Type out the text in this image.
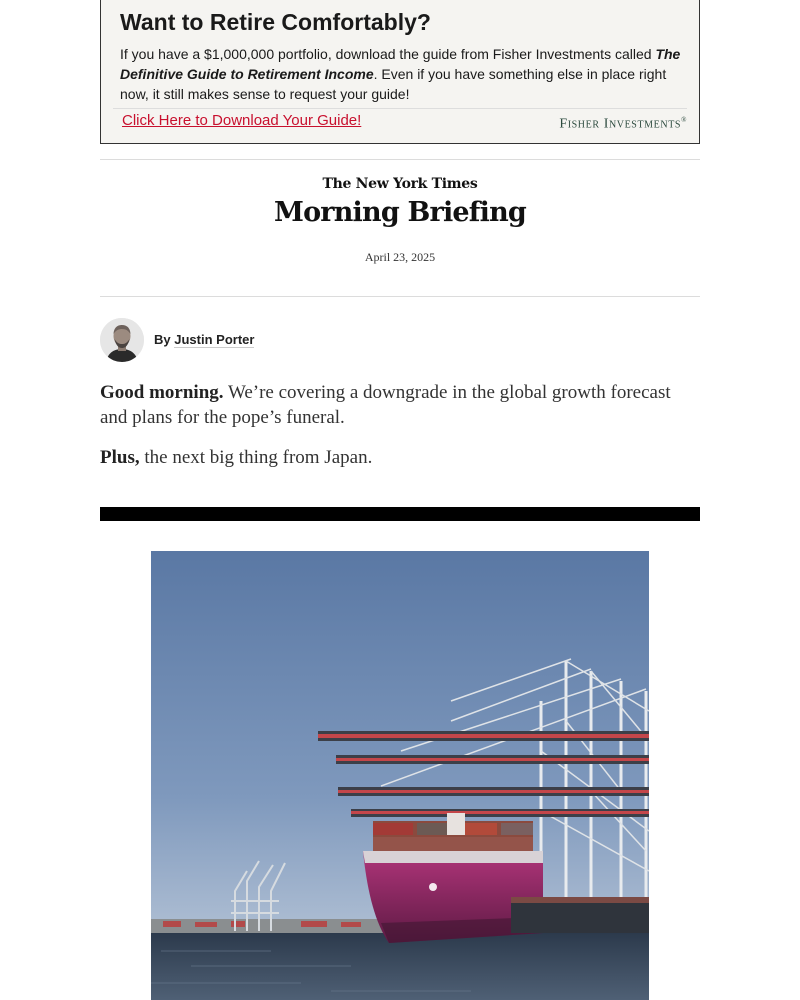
Want to Retire Comfortably?
If you have a $1,000,000 portfolio, download the guide from Fisher Investments called The Definitive Guide to Retirement Income. Even if you have something else in place right now, it still makes sense to request your guide!
Click Here to Download Your Guide!	Fisher Investments®
The New York Times
Morning Briefing
April 23, 2025
By Justin Porter

Good morning. We’re covering a downgrade in the global growth forecast and plans for the pope’s funeral.

Plus, the next big thing from Japan.
